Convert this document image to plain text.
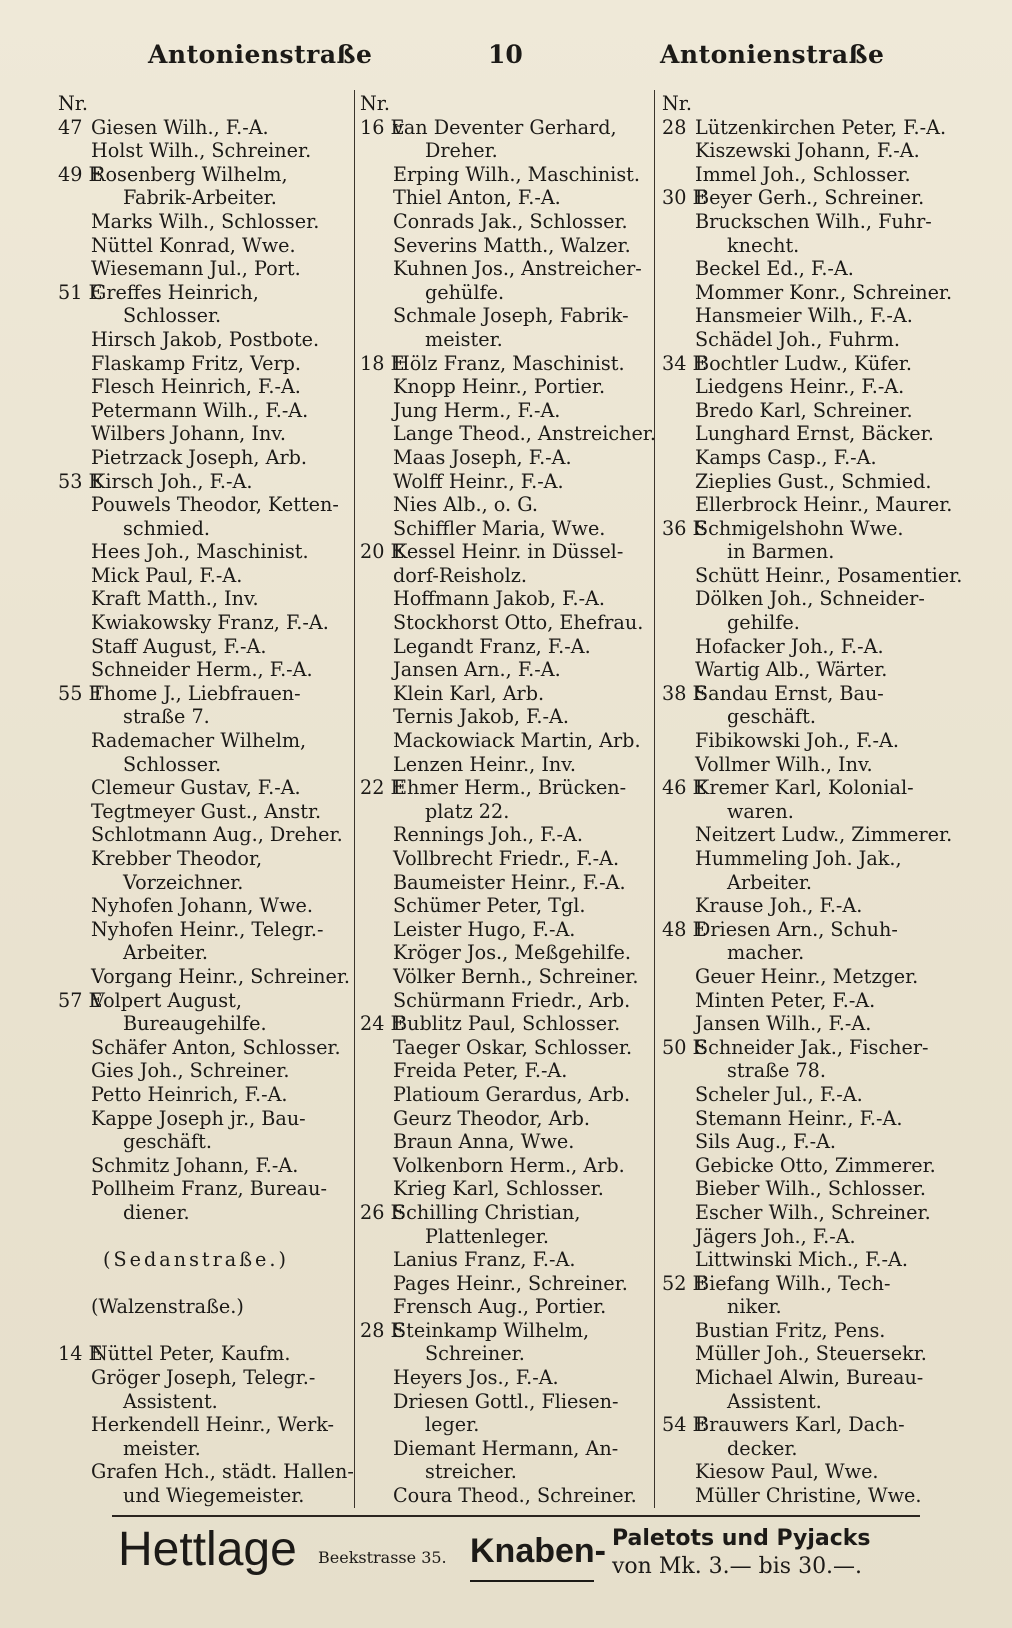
Antonienstraße	10	Antonienstraße
Nr.
47 Giesen Wilh., F.-A.
Holst Wilh., Schreiner.
49 E
Rosenberg Wilhelm,
Fabrik-Arbeiter.
Marks Wilh., Schlosser.
Nüttel Konrad, Wwe.
Wiesemann Jul., Port.
51 E
Greffes Heinrich,
Schlosser.
Hirsch Jakob, Postbote.
Flaskamp Fritz, Verp.
Flesch Heinrich, F.-A.
Petermann Wilh., F.-A.
Wilbers Johann, Inv.
Pietrzack Joseph, Arb.
53 E
Kirsch Joh., F.-A.
Pouwels Theodor, Ketten-
schmied.
Hees Joh., Maschinist.
Mick Paul, F.-A.
Kraft Matth., Inv.
Kwiakowsky Franz, F.-A.
Staff August, F.-A.
Schneider Herm., F.-A.
55 E
Thome J., Liebfrauen-
straße 7.
Rademacher Wilhelm,
Schlosser.
Clemeur Gustav, F.-A.
Tegtmeyer Gust., Anstr.
Schlotmann Aug., Dreher.
Krebber Theodor,
Vorzeichner.
Nyhofen Johann, Wwe.
Nyhofen Heinr., Telegr.-
Arbeiter.
Vorgang Heinr., Schreiner.
57 E
Volpert August,
Bureaugehilfe.
Schäfer Anton, Schlosser.
Gies Joh., Schreiner.
Petto Heinrich, F.-A.
Kappe Joseph jr., Bau-
geschäft.
Schmitz Johann, F.-A.
Pollheim Franz, Bureau-
diener.
(Sedanstraße.)
(Walzenstraße.)
14 E
Nüttel Peter, Kaufm.
Gröger Joseph, Telegr.-
Assistent.
Herkendell Heinr., Werk-
meister.
Grafen Hch., städt. Hallen-
und Wiegemeister.
Nr.
16 E
van Deventer Gerhard,
Dreher.
Erping Wilh., Maschinist.
Thiel Anton, F.-A.
Conrads Jak., Schlosser.
Severins Matth., Walzer.
Kuhnen Jos., Anstreicher-
gehülfe.
Schmale Joseph, Fabrik-
meister.
18 E
Hölz Franz, Maschinist.
Knopp Heinr., Portier.
Jung Herm., F.-A.
Lange Theod., Anstreicher.
Maas Joseph, F.-A.
Wolff Heinr., F.-A.
Nies Alb., o. G.
Schiffler Maria, Wwe.
20 E
Kessel Heinr. in Düssel-
dorf-Reisholz.
Hoffmann Jakob, F.-A.
Stockhorst Otto, Ehefrau.
Legandt Franz, F.-A.
Jansen Arn., F.-A.
Klein Karl, Arb.
Ternis Jakob, F.-A.
Mackowiack Martin, Arb.
Lenzen Heinr., Inv.
22 E
Ehmer Herm., Brücken-
platz 22.
Rennings Joh., F.-A.
Vollbrecht Friedr., F.-A.
Baumeister Heinr., F.-A.
Schümer Peter, Tgl.
Leister Hugo, F.-A.
Kröger Jos., Meßgehilfe.
Völker Bernh., Schreiner.
Schürmann Friedr., Arb.
24 E
Bublitz Paul, Schlosser.
Taeger Oskar, Schlosser.
Freida Peter, F.-A.
Platioum Gerardus, Arb.
Geurz Theodor, Arb.
Braun Anna, Wwe.
Volkenborn Herm., Arb.
Krieg Karl, Schlosser.
26 E
Schilling Christian,
Plattenleger.
Lanius Franz, F.-A.
Pages Heinr., Schreiner.
Frensch Aug., Portier.
28 E
Steinkamp Wilhelm,
Schreiner.
Heyers Jos., F.-A.
Driesen Gottl., Fliesen-
leger.
Diemant Hermann, An-
streicher.
Coura Theod., Schreiner.
Nr.
28 Lützenkirchen Peter, F.-A.
Kiszewski Johann, F.-A.
Immel Joh., Schlosser.
30 E
Beyer Gerh., Schreiner.
Bruckschen Wilh., Fuhr-
knecht.
Beckel Ed., F.-A.
Mommer Konr., Schreiner.
Hansmeier Wilh., F.-A.
Schädel Joh., Fuhrm.
34 E
Bochtler Ludw., Küfer.
Liedgens Heinr., F.-A.
Bredo Karl, Schreiner.
Lunghard Ernst, Bäcker.
Kamps Casp., F.-A.
Zieplies Gust., Schmied.
Ellerbrock Heinr., Maurer.
36 E
Schmigelshohn Wwe.
in Barmen.
Schütt Heinr., Posamentier.
Dölken Joh., Schneider-
gehilfe.
Hofacker Joh., F.-A.
Wartig Alb., Wärter.
38 E
Sandau Ernst, Bau-
geschäft.
Fibikowski Joh., F.-A.
Vollmer Wilh., Inv.
46 E
Kremer Karl, Kolonial-
waren.
Neitzert Ludw., Zimmerer.
Hummeling Joh. Jak.,
Arbeiter.
Krause Joh., F.-A.
48 E
Driesen Arn., Schuh-
macher.
Geuer Heinr., Metzger.
Minten Peter, F.-A.
Jansen Wilh., F.-A.
50 E
Schneider Jak., Fischer-
straße 78.
Scheler Jul., F.-A.
Stemann Heinr., F.-A.
Sils Aug., F.-A.
Gebicke Otto, Zimmerer.
Bieber Wilh., Schlosser.
Escher Wilh., Schreiner.
Jägers Joh., F.-A.
Littwinski Mich., F.-A.
52 E
Biefang Wilh., Tech-
niker.
Bustian Fritz, Pens.
Müller Joh., Steuersekr.
Michael Alwin, Bureau-
Assistent.
54 E
Brauwers Karl, Dach-
decker.
Kiesow Paul, Wwe.
Müller Christine, Wwe.
Hettlage Beekstrasse 35. Knaben- Paletots und Pyjacks
von Mk. 3.— bis 30.—.
